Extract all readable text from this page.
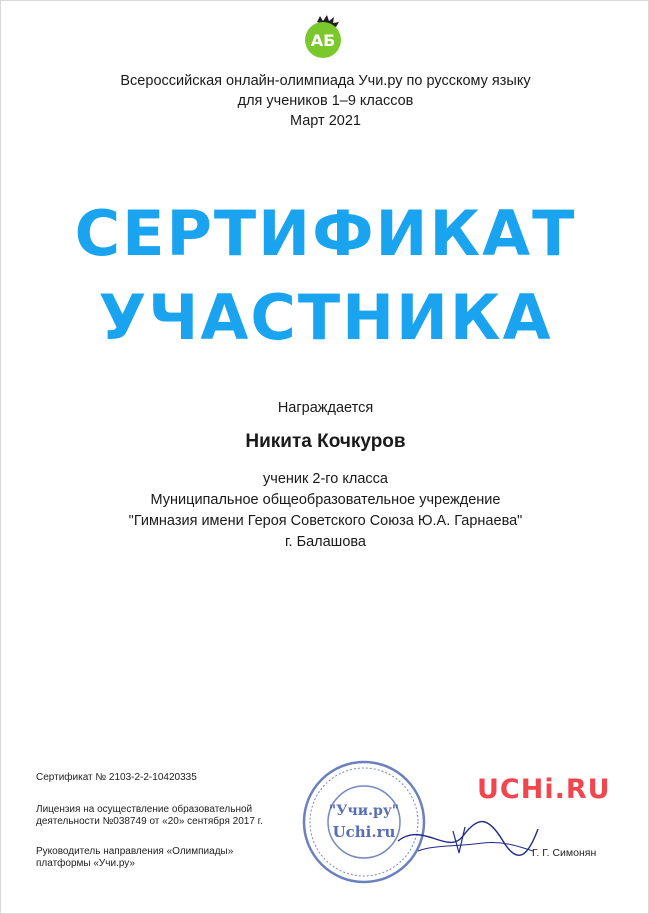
АБ
Всероссийская онлайн-олимпиада Учи.ру по русскому языку
для учеников 1–9 классов
Март 2021
СЕРТИФИКАТ
УЧАСТНИКА
Награждается
Никита Кочкуров
ученик 2-го класса
Муниципальное общеобразовательное учреждение
"Гимназия имени Героя Советского Союза Ю.А. Гарнаева"
г. Балашова
Сертификат № 2103-2-2-10420335
Лицензия на осуществление образовательной
деятельности №038749 от «20» сентября 2017 г.
Руководитель направления «Олимпиады»
платформы «Учи.ру»
"Учи.ру"
Uchi.ru
UCHi.RU
Г. Г. Симонян
